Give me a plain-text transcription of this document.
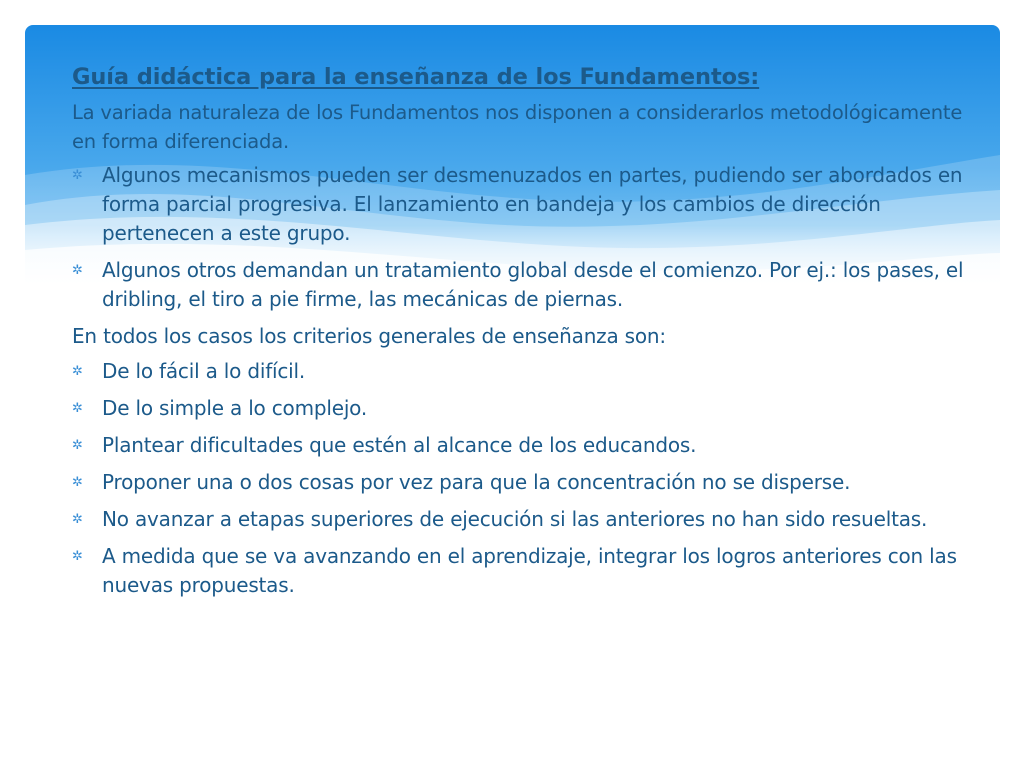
Guía didáctica para la enseñanza de los Fundamentos:

La variada naturaleza de los Fundamentos nos disponen a considerarlos metodológicamente en forma diferenciada.

✲ Algunos mecanismos pueden ser desmenuzados en partes, pudiendo ser abordados en forma parcial progresiva. El lanzamiento en bandeja y los cambios de dirección pertenecen a este grupo.
✲ Algunos otros demandan un tratamiento global desde el comienzo. Por ej.: los pases, el dribling, el tiro a pie firme, las mecánicas de piernas.

En todos los casos los criterios generales de enseñanza son:

✲ De lo fácil a lo difícil.
✲ De lo simple a lo complejo.
✲ Plantear dificultades que estén al alcance de los educandos.
✲ Proponer una o dos cosas por vez para que la concentración no se disperse.
✲ No avanzar a etapas superiores de ejecución si las anteriores no han sido resueltas.
✲ A medida que se va avanzando en el aprendizaje, integrar los logros anteriores con las nuevas propuestas.
